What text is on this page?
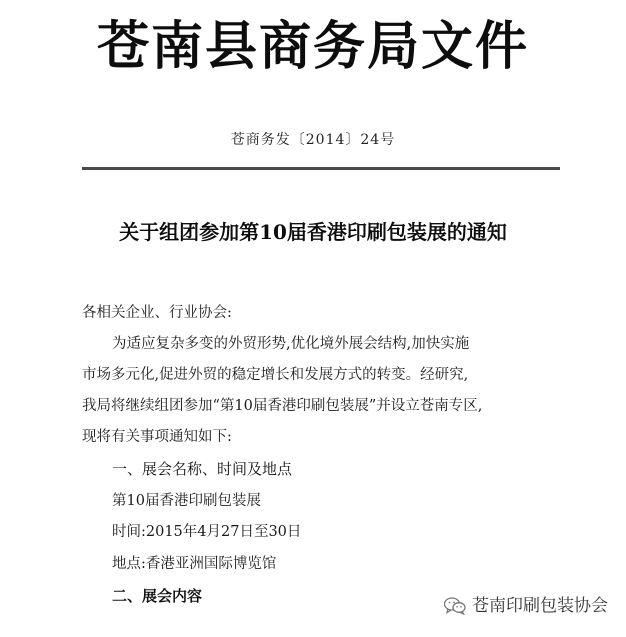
苍南县商务局文件
苍商务发〔2014〕24号
关于组团参加第10届香港印刷包装展的通知
各相关企业、行业协会:
为适应复杂多变的外贸形势,优化境外展会结构,加快实施
市场多元化,促进外贸的稳定增长和发展方式的转变。经研究,
我局将继续组团参加“第10届香港印刷包装展”并设立苍南专区,
现将有关事项通知如下:
一、展会名称、时间及地点
第10届香港印刷包装展
时间:2015年4月27日至30日
地点:香港亚洲国际博览馆
二、展会内容	苍南印刷包装协会
